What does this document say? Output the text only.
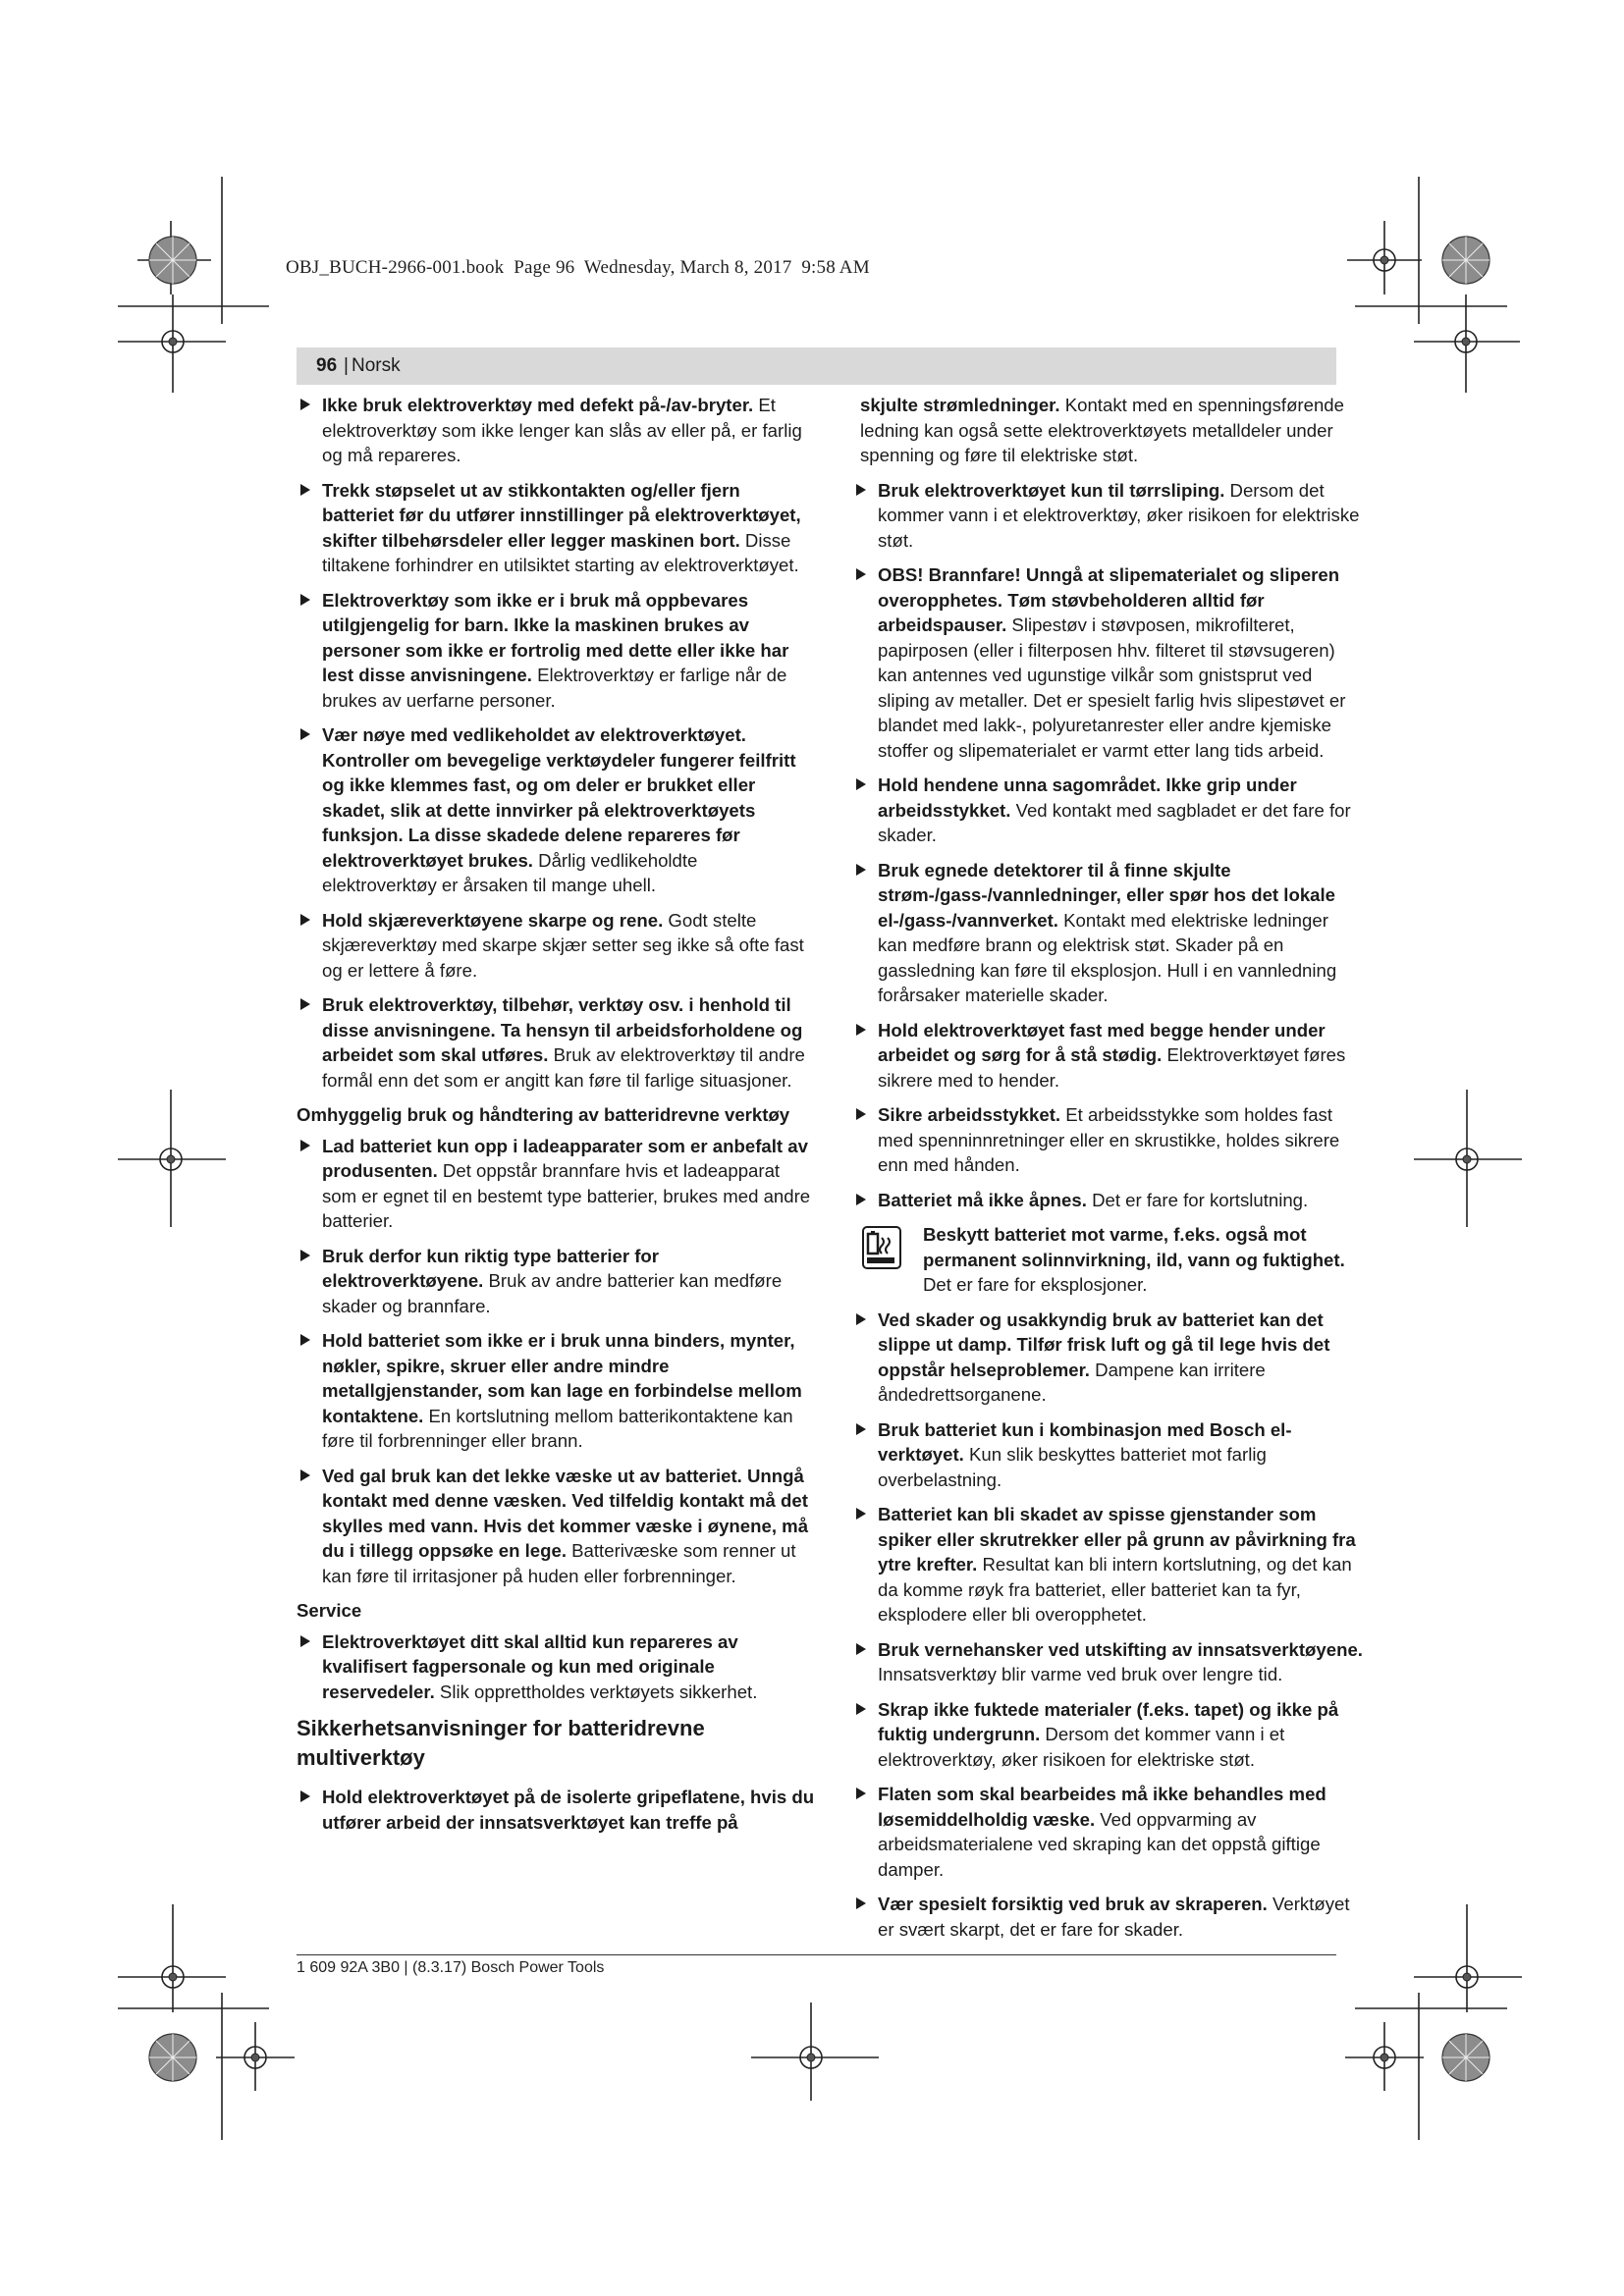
OBJ_BUCH-2966-001.book  Page 96  Wednesday, March 8, 2017  9:58 AM
96 | Norsk
Ikke bruk elektroverktøy med defekt på-/av-bryter. Et elektroverktøy som ikke lenger kan slås av eller på, er farlig og må repareres.
Trekk støpselet ut av stikkontakten og/eller fjern batteriet før du utfører innstillinger på elektroverktøyet, skifter tilbehørsdeler eller legger maskinen bort. Disse tiltakene forhindrer en utilsiktet starting av elektroverktøyet.
Elektroverktøy som ikke er i bruk må oppbevares utilgjengelig for barn. Ikke la maskinen brukes av personer som ikke er fortrolig med dette eller ikke har lest disse anvisningene. Elektroverktøy er farlige når de brukes av uerfarne personer.
Vær nøye med vedlikeholdet av elektroverktøyet. Kontroller om bevegelige verktøydeler fungerer feilfritt og ikke klemmes fast, og om deler er brukket eller skadet, slik at dette innvirker på elektroverktøyets funksjon. La disse skadede delene repareres før elektroverktøyet brukes. Dårlig vedlikeholdte elektroverktøy er årsaken til mange uhell.
Hold skjæreverktøyene skarpe og rene. Godt stelte skjæreverktøy med skarpe skjær setter seg ikke så ofte fast og er lettere å føre.
Bruk elektroverktøy, tilbehør, verktøy osv. i henhold til disse anvisningene. Ta hensyn til arbeidsforholdene og arbeidet som skal utføres. Bruk av elektroverktøy til andre formål enn det som er angitt kan føre til farlige situasjoner.
Omhyggelig bruk og håndtering av batteridrevne verktøy
Lad batteriet kun opp i ladeapparater som er anbefalt av produsenten. Det oppstår brannfare hvis et ladeapparat som er egnet til en bestemt type batterier, brukes med andre batterier.
Bruk derfor kun riktig type batterier for elektroverktøyene. Bruk av andre batterier kan medføre skader og brannfare.
Hold batteriet som ikke er i bruk unna binders, mynter, nøkler, spikre, skruer eller andre mindre metallgjenstander, som kan lage en forbindelse mellom kontaktene. En kortslutning mellom batterikontaktene kan føre til forbrenninger eller brann.
Ved gal bruk kan det lekke væske ut av batteriet. Unngå kontakt med denne væsken. Ved tilfeldig kontakt må det skylles med vann. Hvis det kommer væske i øynene, må du i tillegg oppsøke en lege. Batterivæske som renner ut kan føre til irritasjoner på huden eller forbrenninger.
Service
Elektroverktøyet ditt skal alltid kun repareres av kvalifisert fagpersonale og kun med originale reservedeler. Slik opprettholdes verktøyets sikkerhet.
Sikkerhetsanvisninger for batteridrevne multiverktøy
Hold elektroverktøyet på de isolerte gripeflatene, hvis du utfører arbeid der innsatsverktøyet kan treffe på
skjulte strømledninger. Kontakt med en spenningsførende ledning kan også sette elektroverktøyets metalldeler under spenning og føre til elektriske støt.
Bruk elektroverktøyet kun til tørrsliping. Dersom det kommer vann i et elektroverktøy, øker risikoen for elektriske støt.
OBS! Brannfare! Unngå at slipematerialet og sliperen overopphetes. Tøm støvbeholderen alltid før arbeidspauser. Slipestøv i støvposen, mikrofilteret, papirposen (eller i filterposen hhv. filteret til støvsugeren) kan antennes ved ugunstige vilkår som gnistsprut ved sliping av metaller. Det er spesielt farlig hvis slipestøvet er blandet med lakk-, polyuretanrester eller andre kjemiske stoffer og slipematerialet er varmt etter lang tids arbeid.
Hold hendene unna sagområdet. Ikke grip under arbeidsstykket. Ved kontakt med sagbladet er det fare for skader.
Bruk egnede detektorer til å finne skjulte strøm-/gass-/vannledninger, eller spør hos det lokale el-/gass-/vannverket. Kontakt med elektriske ledninger kan medføre brann og elektrisk støt. Skader på en gassledning kan føre til eksplosjon. Hull i en vannledning forårsaker materielle skader.
Hold elektroverktøyet fast med begge hender under arbeidet og sørg for å stå stødig. Elektroverktøyet føres sikrere med to hender.
Sikre arbeidsstykket. Et arbeidsstykke som holdes fast med spenninnretninger eller en skrustikke, holdes sikrere enn med hånden.
Batteriet må ikke åpnes. Det er fare for kortslutning.
Beskytt batteriet mot varme, f.eks. også mot permanent solinnvirkning, ild, vann og fuktighet. Det er fare for eksplosjoner.
Ved skader og usakkyndig bruk av batteriet kan det slippe ut damp. Tilfør frisk luft og gå til lege hvis det oppstår helseproblemer. Dampene kan irritere åndedrettsorganene.
Bruk batteriet kun i kombinasjon med Bosch el-verktøyet. Kun slik beskyttes batteriet mot farlig overbelastning.
Batteriet kan bli skadet av spisse gjenstander som spiker eller skrutrekker eller på grunn av påvirkning fra ytre krefter. Resultat kan bli intern kortslutning, og det kan da komme røyk fra batteriet, eller batteriet kan ta fyr, eksplodere eller bli overopphetet.
Bruk vernehansker ved utskifting av innsatsverktøyene. Innsatsverktøy blir varme ved bruk over lengre tid.
Skrap ikke fuktede materialer (f.eks. tapet) og ikke på fuktig undergrunn. Dersom det kommer vann i et elektroverktøy, øker risikoen for elektriske støt.
Flaten som skal bearbeides må ikke behandles med løsemiddelholdig væske. Ved oppvarming av arbeidsmaterialene ved skraping kan det oppstå giftige damper.
Vær spesielt forsiktig ved bruk av skraperen. Verktøyet er svært skarpt, det er fare for skader.
1 609 92A 3B0 | (8.3.17) Bosch Power Tools
